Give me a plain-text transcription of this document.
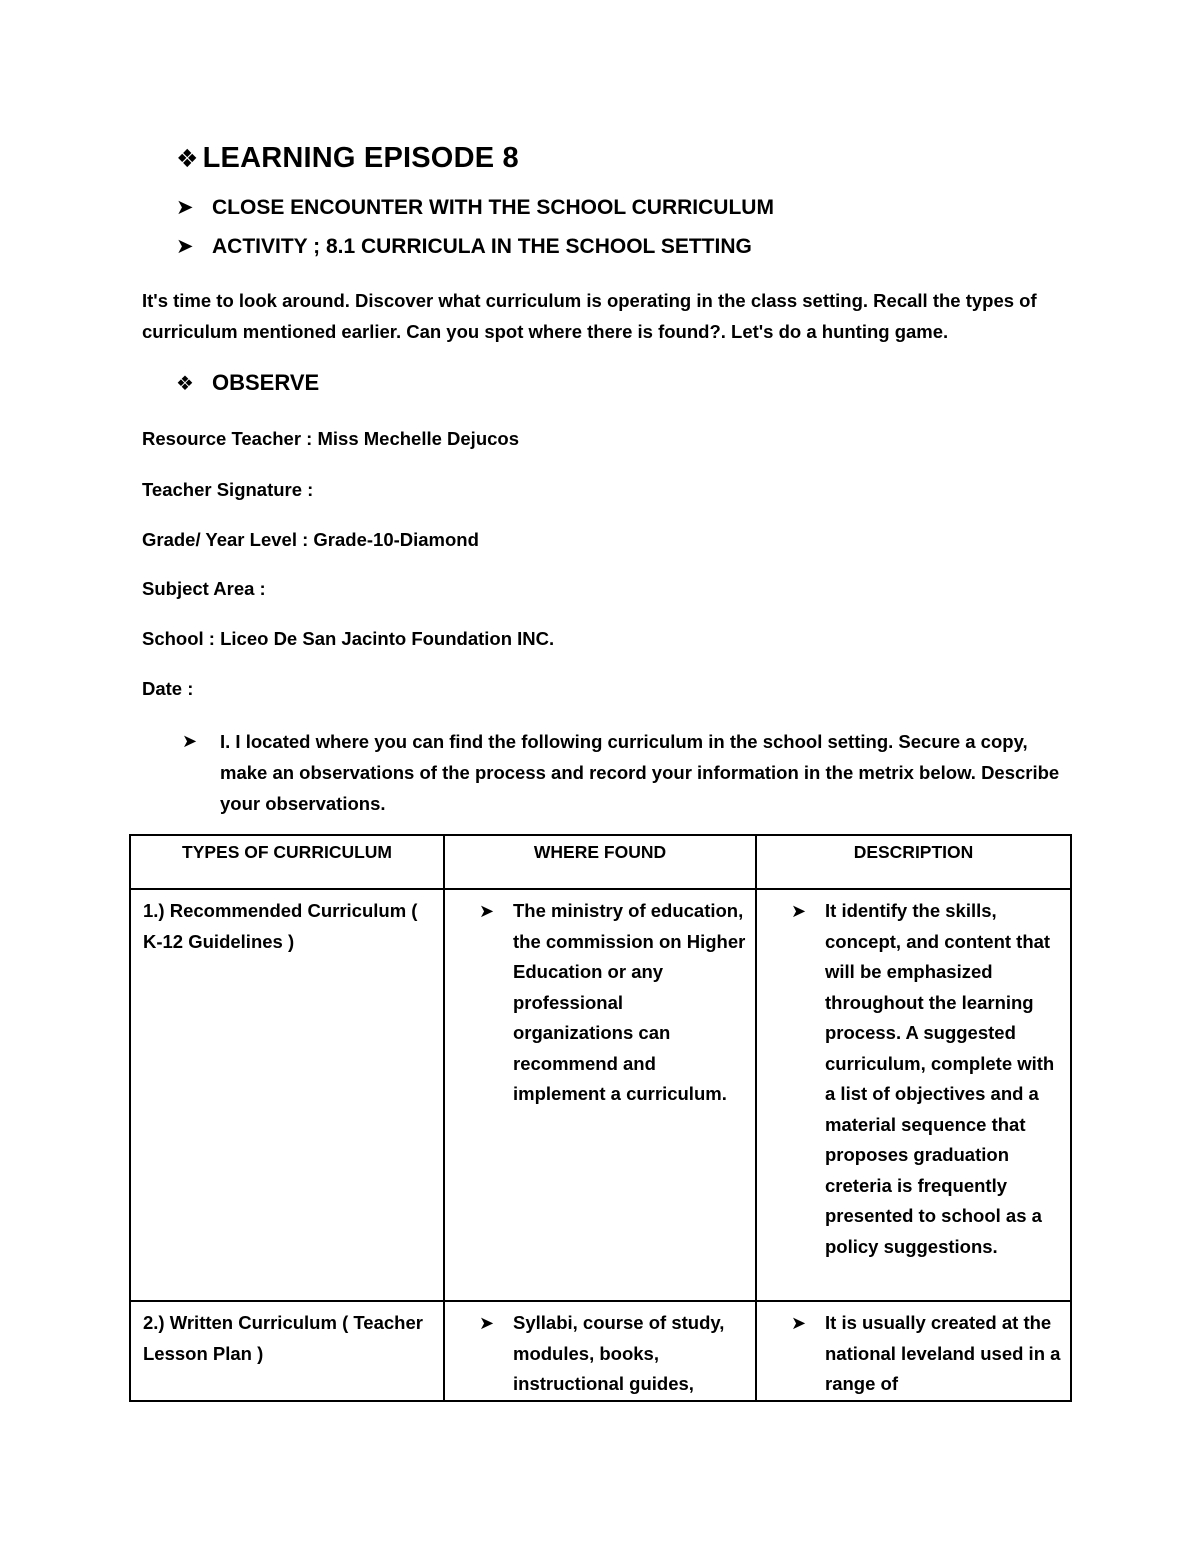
❖ LEARNING EPISODE 8
➤ CLOSE ENCOUNTER WITH THE SCHOOL CURRICULUM
➤ ACTIVITY ; 8.1 CURRICULA IN THE SCHOOL SETTING
It's time to look around. Discover what curriculum is operating in the class setting. Recall the types of curriculum mentioned earlier. Can you spot where there is found?. Let's do a hunting game.
❖ OBSERVE
Resource Teacher : Miss Mechelle Dejucos
Teacher Signature :
Grade/ Year Level : Grade-10-Diamond
Subject Area :
School : Liceo De San Jacinto Foundation INC.
Date :
➤	I. I located where you can find the following curriculum in the school setting. Secure a copy, make an observations of the process and record your information in the metrix below. Describe your observations.
TYPES OF CURRICULUM	WHERE FOUND	DESCRIPTION
1.) Recommended Curriculum ( K-12 Guidelines )	➤ The ministry of education, the commission on Higher Education or any professional organizations can recommend and implement a curriculum.	➤ It identify the skills, concept, and content that will be emphasized throughout the learning process. A suggested curriculum, complete with a list of objectives and a material sequence that proposes graduation creteria is frequently presented to school as a policy suggestions.

2.) Written Curriculum ( Teacher Lesson Plan )	➤ Syllabi, course of study, modules, books, instructional guides,	➤ It is usually created at the national leveland used in a range of
